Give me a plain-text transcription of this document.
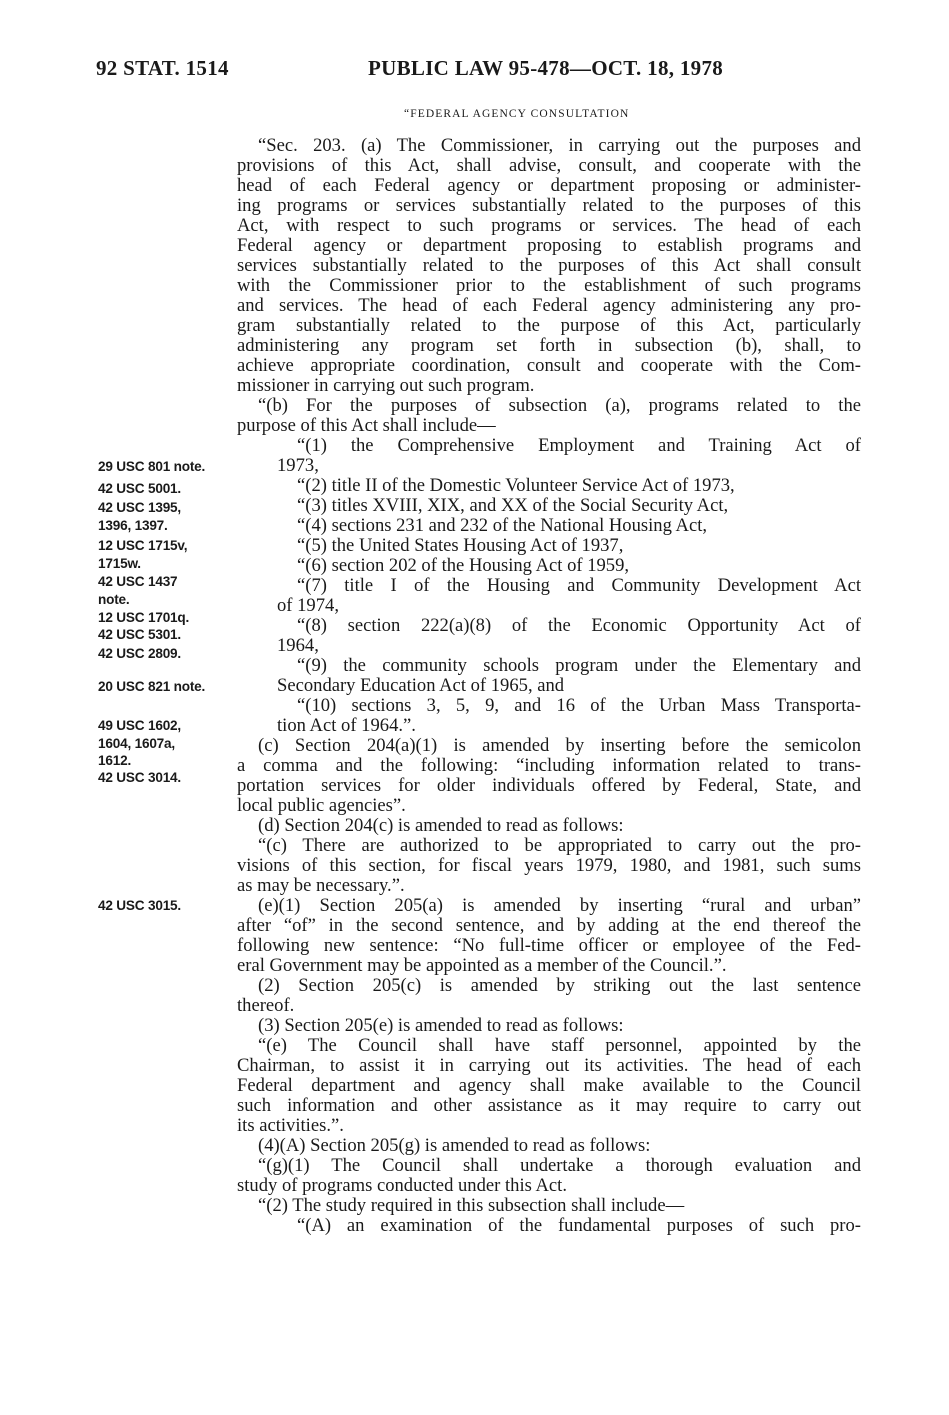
92 STAT. 1514	PUBLIC LAW 95-478—OCT. 18, 1978
“FEDERAL AGENCY CONSULTATION
“Sec. 203. (a) The Commissioner, in carrying out the purposes and
provisions of this Act, shall advise, consult, and cooperate with the
head of each Federal agency or department proposing or administer-
ing programs or services substantially related to the purposes of this
Act, with respect to such programs or services. The head of each
Federal agency or department proposing to establish programs and
services substantially related to the purposes of this Act shall consult
with the Commissioner prior to the establishment of such programs
and services. The head of each Federal agency administering any pro-
gram substantially related to the purpose of this Act, particularly
administering any program set forth in subsection (b), shall, to
achieve appropriate coordination, consult and cooperate with the Com-
missioner in carrying out such program.
“(b) For the purposes of subsection (a), programs related to the
purpose of this Act shall include—
“(1) the Comprehensive Employment and Training Act of
1973,
“(2) title II of the Domestic Volunteer Service Act of 1973,
“(3) titles XVIII, XIX, and XX of the Social Security Act,
“(4) sections 231 and 232 of the National Housing Act,
“(5) the United States Housing Act of 1937,
“(6) section 202 of the Housing Act of 1959,
“(7) title I of the Housing and Community Development Act
of 1974,
“(8) section 222(a)(8) of the Economic Opportunity Act of
1964,
“(9) the community schools program under the Elementary and
Secondary Education Act of 1965, and
“(10) sections 3, 5, 9, and 16 of the Urban Mass Transporta-
tion Act of 1964.”.
(c) Section 204(a)(1) is amended by inserting before the semicolon
a comma and the following: “including information related to trans-
portation services for older individuals offered by Federal, State, and
local public agencies”.
(d) Section 204(c) is amended to read as follows:
“(c) There are authorized to be appropriated to carry out the pro-
visions of this section, for fiscal years 1979, 1980, and 1981, such sums
as may be necessary.”.
(e)(1) Section 205(a) is amended by inserting “rural and urban”
after “of” in the second sentence, and by adding at the end thereof the
following new sentence: “No full-time officer or employee of the Fed-
eral Government may be appointed as a member of the Council.”.
(2) Section 205(c) is amended by striking out the last sentence
thereof.
(3) Section 205(e) is amended to read as follows:
“(e) The Council shall have staff personnel, appointed by the
Chairman, to assist it in carrying out its activities. The head of each
Federal department and agency shall make available to the Council
such information and other assistance as it may require to carry out
its activities.”.
(4)(A) Section 205(g) is amended to read as follows:
“(g)(1) The Council shall undertake a thorough evaluation and
study of programs conducted under this Act.
“(2) The study required in this subsection shall include—
“(A) an examination of the fundamental purposes of such pro-
29 USC 801 note.
42 USC 5001.
42 USC 1395,
1396, 1397.
12 USC 1715v,
1715w.
42 USC 1437
note.
12 USC 1701q.
42 USC 5301.
42 USC 2809.
20 USC 821 note.
49 USC 1602,
1604, 1607a,
1612.
42 USC 3014.
42 USC 3015.
